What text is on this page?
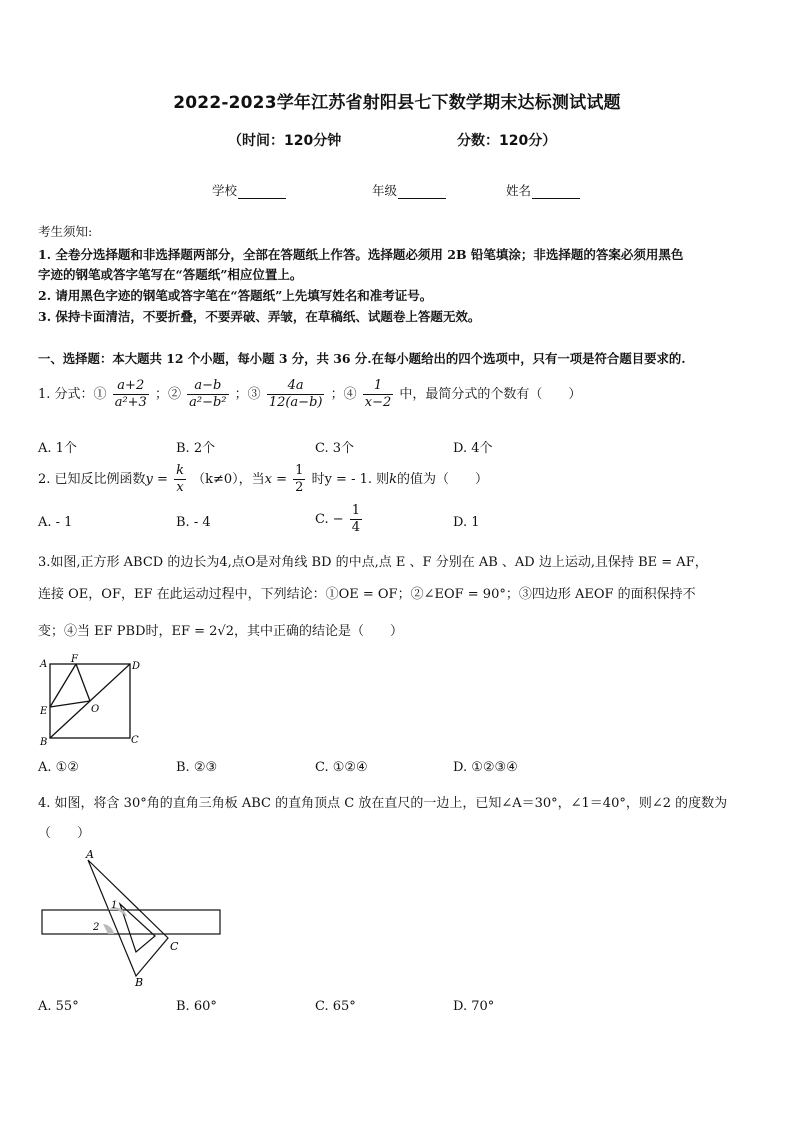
2022-2023学年江苏省射阳县七下数学期末达标测试试题
（时间：120分钟	分数：120分）
学校	年级	姓名
考生须知:
1. 全卷分选择题和非选择题两部分，全部在答题纸上作答。选择题必须用 2B 铅笔填涂；非选择题的答案必须用黑色
字迹的钢笔或答字笔写在“答题纸”相应位置上。
2. 请用黑色字迹的钢笔或答字笔在“答题纸”上先填写姓名和准考证号。
3. 保持卡面清洁，不要折叠，不要弄破、弄皱，在草稿纸、试题卷上答题无效。
一、选择题：本大题共 12 个小题，每小题 3 分，共 36 分.在每小题给出的四个选项中，只有一项是符合题目要求的.
1. 分式：① $\frac{a+2}{\text{a²+3}}$ ；② $\frac{a-b}{\text{a²−b²}}$ ；③ $\frac{4a}{12(a-b)}$ ；④ $\frac{1}{x-2}$ 中，最简分式的个数有（　　）
A. 1个	B. 2个	C. 3个	D. 4个
2. 已知反比例函数$y = \frac{k}{x} (k\ne 0)$，当$x = \frac{1}{2}$ 时y = - 1. 则k的值为（　　）
A. - 1	B. - 4	C. − $\frac{1}{4}$	D. 1
3.如图,正方形 ABCD 的边长为4,点O是对角线 BD 的中点,点 E 、F 分别在 AB 、AD 边上运动,且保持 BE = AF，
连接 OE，OF，EF 在此运动过程中，下列结论：①OE = OF；②∠EOF = 90°；③四边形 AEOF 的面积保持不
变；④当 EF PBD时，EF = 2√2，其中正确的结论是（　　）
A F
D
E	O
B	C
A. ①②	B. ②③	C. ①②④	D. ①②③④
4. 如图，将含 30°角的直角三角板 ABC 的直角顶点 C 放在直尺的一边上，已知∠A＝30°，∠1＝40°，则∠2 的度数为
（　　）
A
1
2
C
B
A. 55°	B. 60°	C. 65°	D. 70°
